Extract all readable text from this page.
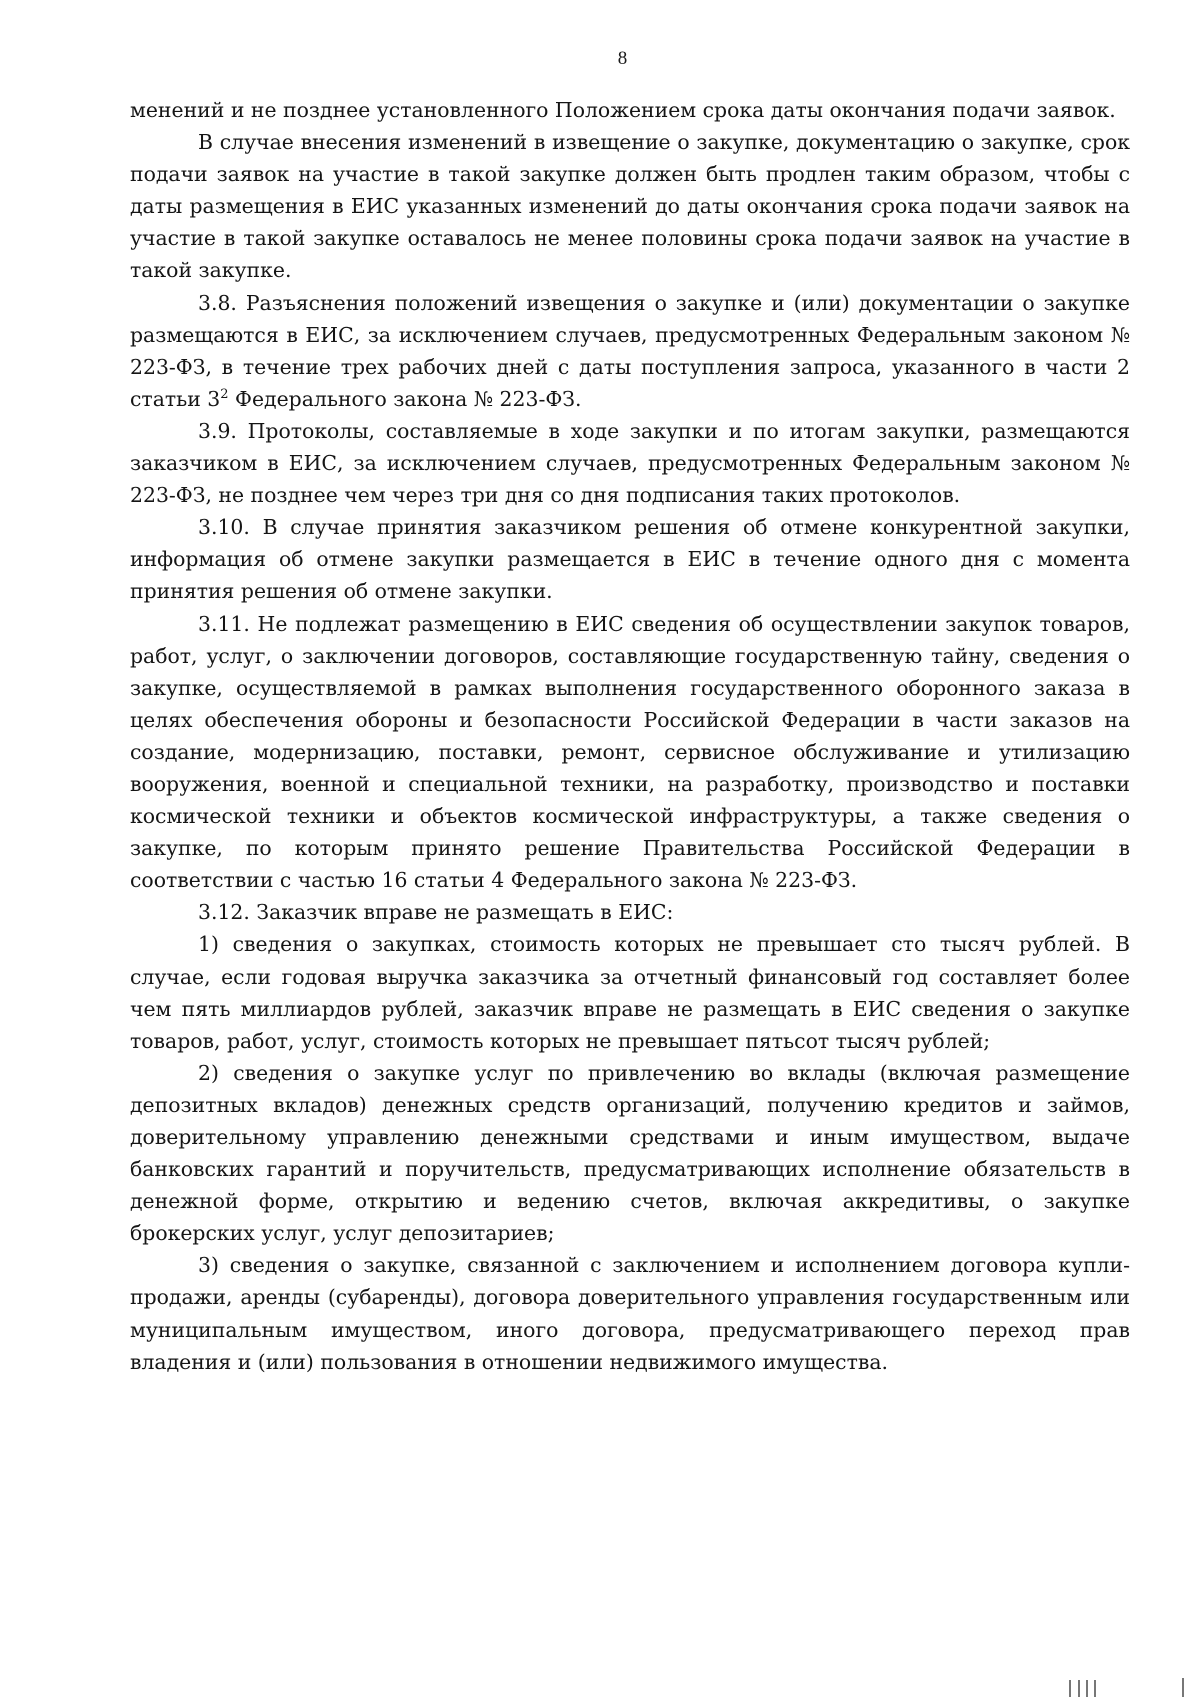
8

менений и не позднее установленного Положением срока даты окончания подачи заявок.

В случае внесения изменений в извещение о закупке, документацию о закупке, срок подачи заявок на участие в такой закупке должен быть продлен таким образом, чтобы с даты размещения в ЕИС указанных изменений до даты окончания срока подачи заявок на участие в такой закупке оставалось не менее половины срока подачи заявок на участие в такой закупке.

3.8. Разъяснения положений извещения о закупке и (или) документации о закупке размещаются в ЕИС, за исключением случаев, предусмотренных Федеральным законом № 223-ФЗ, в течение трех рабочих дней с даты поступления запроса, указанного в части 2 статьи $3^2$ Федерального закона № 223-ФЗ.

3.9. Протоколы, составляемые в ходе закупки и по итогам закупки, размещаются заказчиком в ЕИС, за исключением случаев, предусмотренных Федеральным законом № 223-ФЗ, не позднее чем через три дня со дня подписания таких протоколов.

3.10. В случае принятия заказчиком решения об отмене конкурентной закупки, информация об отмене закупки размещается в ЕИС в течение одного дня с момента принятия решения об отмене закупки.

3.11. Не подлежат размещению в ЕИС сведения об осуществлении закупок товаров, работ, услуг, о заключении договоров, составляющие государственную тайну, сведения о закупке, осуществляемой в рамках выполнения государственного оборонного заказа в целях обеспечения обороны и безопасности Российской Федерации в части заказов на создание, модернизацию, поставки, ремонт, сервисное обслуживание и утилизацию вооружения, военной и специальной техники, на разработку, производство и поставки космической техники и объектов космической инфраструктуры, а также сведения о закупке, по которым принято решение Правительства Российской Федерации в соответствии с частью 16 статьи 4 Федерального закона № 223-ФЗ.

3.12. Заказчик вправе не размещать в ЕИС:

1) сведения о закупках, стоимость которых не превышает сто тысяч рублей. В случае, если годовая выручка заказчика за отчетный финансовый год составляет более чем пять миллиардов рублей, заказчик вправе не размещать в ЕИС сведения о закупке товаров, работ, услуг, стоимость которых не превышает пятьсот тысяч рублей;

2) сведения о закупке услуг по привлечению во вклады (включая размещение депозитных вкладов) денежных средств организаций, получению кредитов и займов, доверительному управлению денежными средствами и иным имуществом, выдаче банковских гарантий и поручительств, предусматривающих исполнение обязательств в денежной форме, открытию и ведению счетов, включая аккредитивы, о закупке брокерских услуг, услуг депозитариев;

3) сведения о закупке, связанной с заключением и исполнением договора купли-продажи, аренды (субаренды), договора доверительного управления государственным или муниципальным имуществом, иного договора, предусматривающего переход прав владения и (или) пользования в отношении недвижимого имущества.
